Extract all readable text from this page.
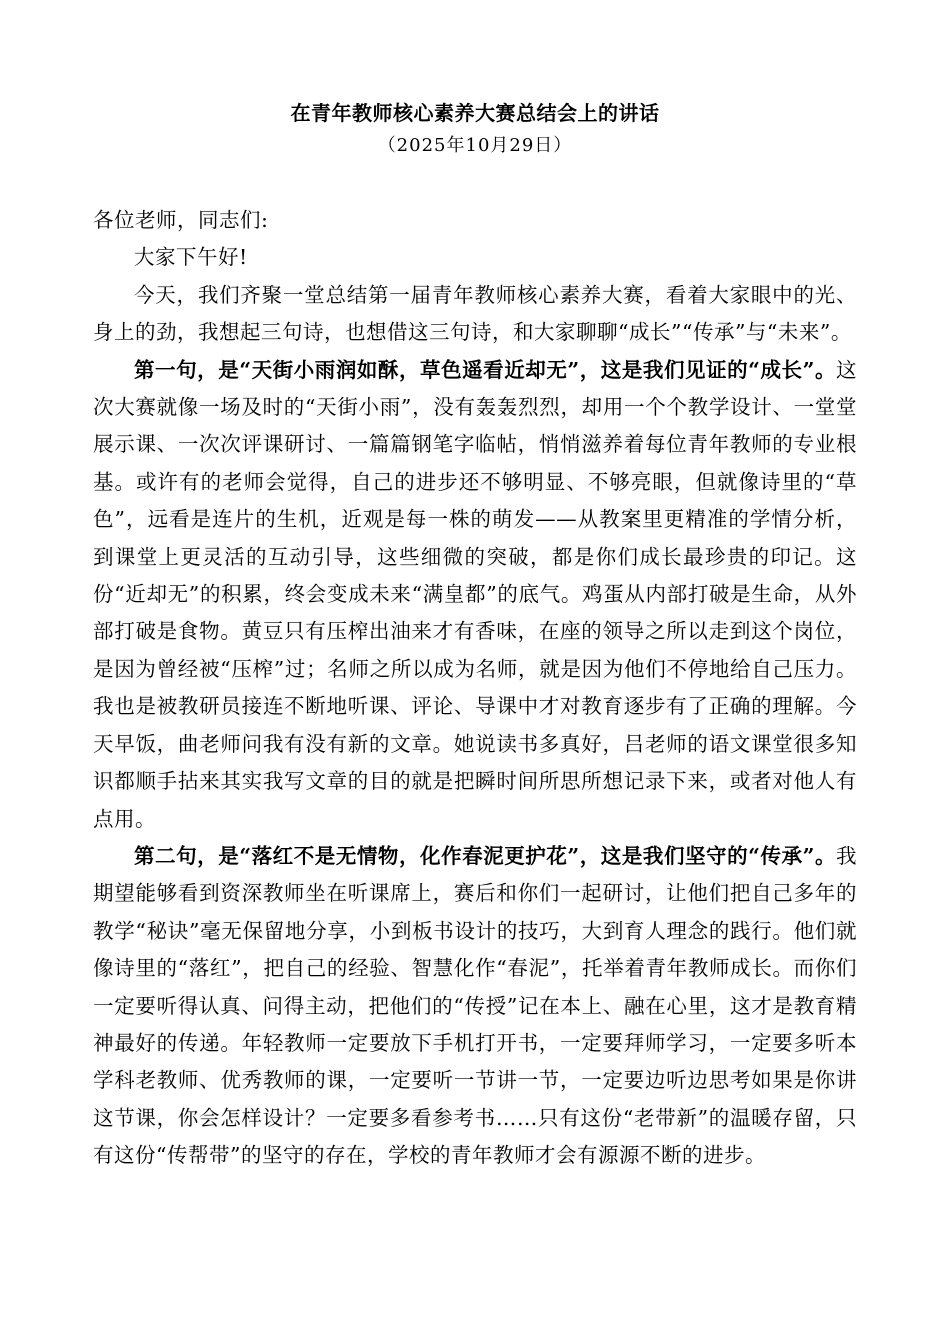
在青年教师核心素养大赛总结会上的讲话
（2025年10月29日）

各位老师，同志们:

大家下午好!

今天，我们齐聚一堂总结第一届青年教师核心素养大赛，看着大家眼中的光、身上的劲，我想起三句诗，也想借这三句诗，和大家聊聊“成长”“传承”与“未来”。

第一句，是“天街小雨润如酥，草色遥看近却无”，这是我们见证的“成长”。这次大赛就像一场及时的“天街小雨”，没有轰轰烈烈，却用一个个教学设计、一堂堂展示课、一次次评课研讨、一篇篇钢笔字临帖，悄悄滋养着每位青年教师的专业根基。或许有的老师会觉得，自己的进步还不够明显、不够亮眼，但就像诗里的“草色”，远看是连片的生机，近观是每一株的萌发——从教案里更精准的学情分析，到课堂上更灵活的互动引导，这些细微的突破，都是你们成长最珍贵的印记。这份“近却无”的积累，终会变成未来“满皇都”的底气。鸡蛋从内部打破是生命，从外部打破是食物。黄豆只有压榨出油来才有香味，在座的领导之所以走到这个岗位，是因为曾经被“压榨”过；名师之所以成为名师，就是因为他们不停地给自己压力。我也是被教研员接连不断地听课、评论、导课中才对教育逐步有了正确的理解。今天早饭，曲老师问我有没有新的文章。她说读书多真好，吕老师的语文课堂很多知识都顺手拈来其实我写文章的目的就是把瞬时间所思所想记录下来，或者对他人有点用。

第二句，是“落红不是无情物，化作春泥更护花”，这是我们坚守的“传承”。我期望能够看到资深教师坐在听课席上，赛后和你们一起研讨，让他们把自己多年的教学“秘诀”毫无保留地分享，小到板书设计的技巧，大到育人理念的践行。他们就像诗里的“落红”，把自己的经验、智慧化作“春泥”，托举着青年教师成长。而你们一定要听得认真、问得主动，把他们的“传授”记在本上、融在心里，这才是教育精神最好的传递。年轻教师一定要放下手机打开书，一定要拜师学习，一定要多听本学科老教师、优秀教师的课，一定要听一节讲一节，一定要边听边思考如果是你讲这节课，你会怎样设计？一定要多看参考书……只有这份“老带新”的温暖存留，只有这份“传帮带”的坚守的存在，学校的青年教师才会有源源不断的进步。
